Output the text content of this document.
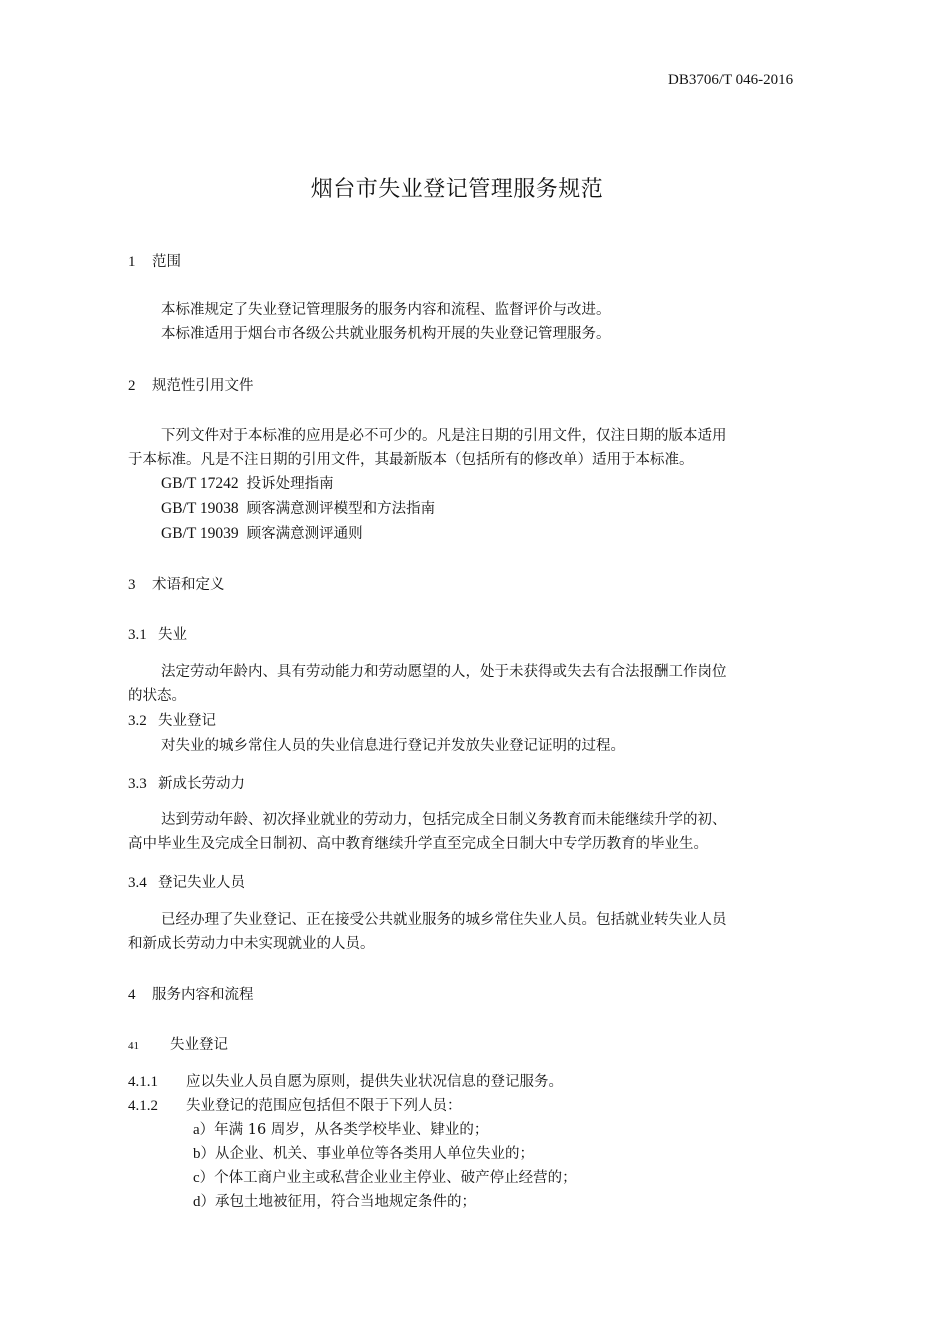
DB3706/T 046-2016
烟台市失业登记管理服务规范
1 范围
本标准规定了失业登记管理服务的服务内容和流程、监督评价与改进。
本标准适用于烟台市各级公共就业服务机构开展的失业登记管理服务。
2 规范性引用文件
下列文件对于本标准的应用是必不可少的。凡是注日期的引用文件，仅注日期的版本适用
于本标准。凡是不注日期的引用文件，其最新版本（包括所有的修改单）适用于本标准。
GB/T 17242 投诉处理指南
GB/T 19038 顾客满意测评模型和方法指南
GB/T 19039 顾客满意测评通则
3 术语和定义
3.1 失业
法定劳动年龄内、具有劳动能力和劳动愿望的人，处于未获得或失去有合法报酬工作岗位
的状态。
3.2 失业登记
对失业的城乡常住人员的失业信息进行登记并发放失业登记证明的过程。
3.3 新成长劳动力
达到劳动年龄、初次择业就业的劳动力，包括完成全日制义务教育而未能继续升学的初、
高中毕业生及完成全日制初、高中教育继续升学直至完成全日制大中专学历教育的毕业生。
3.4 登记失业人员
已经办理了失业登记、正在接受公共就业服务的城乡常住失业人员。包括就业转失业人员
和新成长劳动力中未实现就业的人员。
4 服务内容和流程
41 失业登记
4.1.1 应以失业人员自愿为原则，提供失业状况信息的登记服务。
4.1.2 失业登记的范围应包括但不限于下列人员：
a）年满 16 周岁，从各类学校毕业、肄业的；
b）从企业、机关、事业单位等各类用人单位失业的；
c）个体工商户业主或私营企业业主停业、破产停止经营的；
d）承包土地被征用，符合当地规定条件的；
